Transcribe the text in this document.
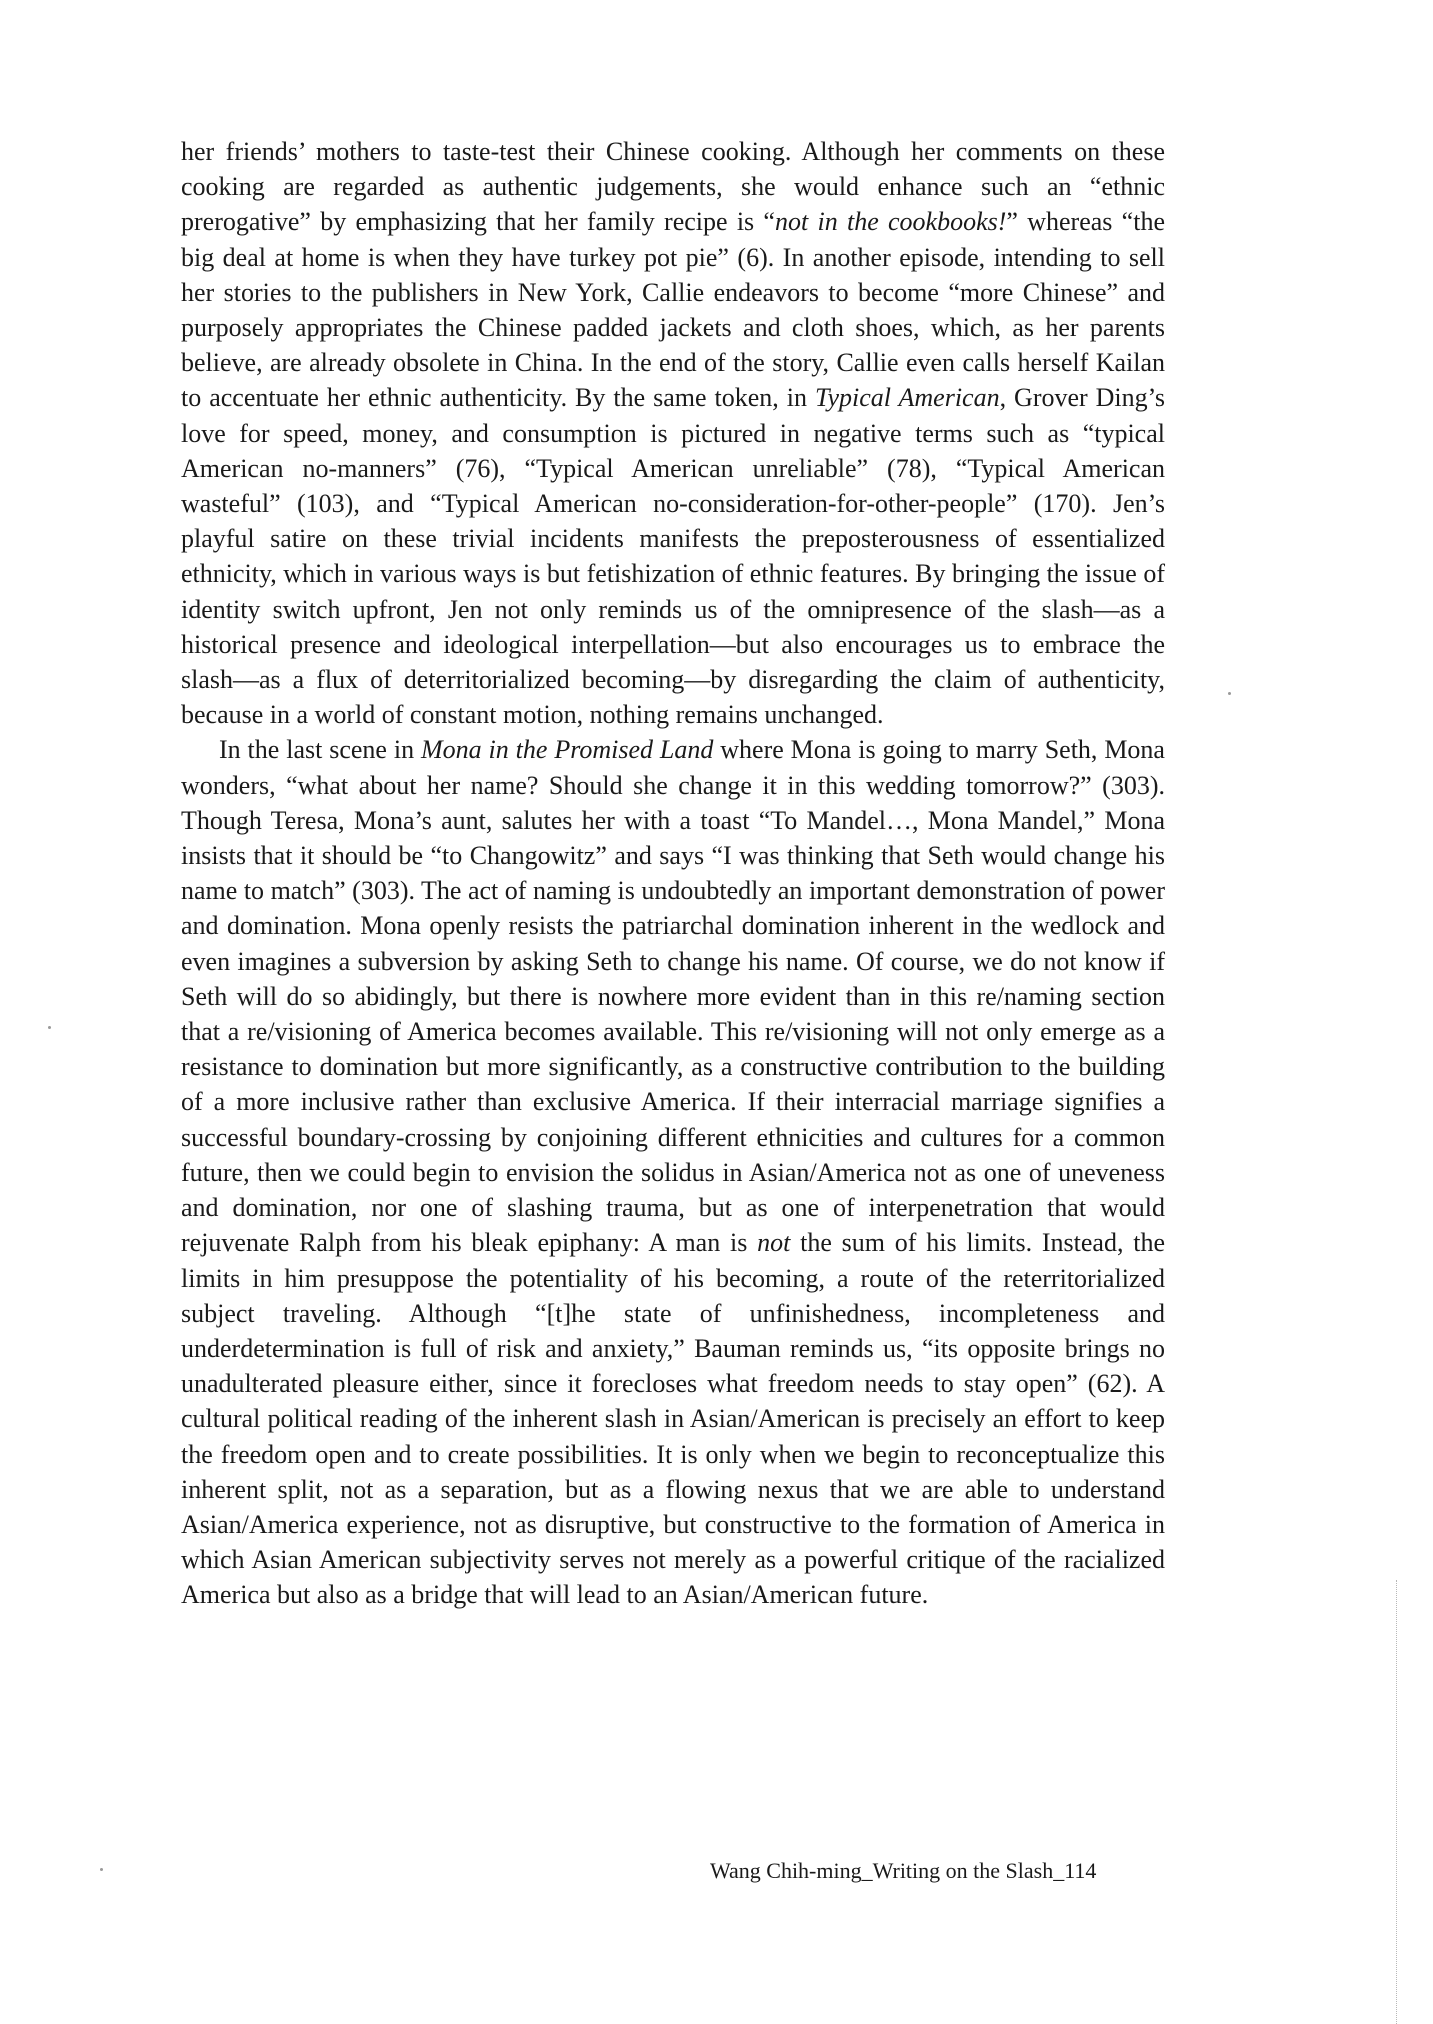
her friends’ mothers to taste-test their Chinese cooking. Although her comments on these cooking are regarded as authentic judgements, she would enhance such an “ethnic prerogative” by emphasizing that her family recipe is “not in the cookbooks!” whereas “the big deal at home is when they have turkey pot pie” (6). In another episode, intending to sell her stories to the publishers in New York, Callie endeavors to become “more Chinese” and purposely appropriates the Chinese padded jackets and cloth shoes, which, as her parents believe, are already obsolete in China. In the end of the story, Callie even calls herself Kailan to accentuate her ethnic authenticity. By the same token, in Typical American, Grover Ding’s love for speed, money, and consumption is pictured in negative terms such as “typical American no-manners” (76), “Typical American unreliable” (78), “Typical American wasteful” (103), and “Typical American no-consideration-for-other-people” (170). Jen’s playful satire on these trivial incidents manifests the preposterousness of essentialized ethnicity, which in various ways is but fetishization of ethnic features. By bringing the issue of identity switch upfront, Jen not only reminds us of the omnipresence of the slash—as a historical presence and ideological interpellation—but also encourages us to embrace the slash—as a flux of deterritorialized becoming—by disregarding the claim of authenticity, because in a world of constant motion, nothing remains unchanged.

In the last scene in Mona in the Promised Land where Mona is going to marry Seth, Mona wonders, “what about her name? Should she change it in this wedding tomorrow?” (303). Though Teresa, Mona’s aunt, salutes her with a toast “To Mandel…, Mona Mandel,” Mona insists that it should be “to Changowitz” and says “I was thinking that Seth would change his name to match” (303). The act of naming is undoubtedly an important demonstration of power and domination. Mona openly resists the patriarchal domination inherent in the wedlock and even imagines a subversion by asking Seth to change his name. Of course, we do not know if Seth will do so abidingly, but there is nowhere more evident than in this re/naming section that a re/visioning of America becomes available. This re/visioning will not only emerge as a resistance to domination but more significantly, as a constructive contribution to the building of a more inclusive rather than exclusive America. If their interracial marriage signifies a successful boundary-crossing by conjoining different ethnicities and cultures for a common future, then we could begin to envision the solidus in Asian/America not as one of uneveness and domination, nor one of slashing trauma, but as one of interpenetration that would rejuvenate Ralph from his bleak epiphany: A man is not the sum of his limits. Instead, the limits in him presuppose the potentiality of his becoming, a route of the reterritorialized subject traveling. Although “[t]he state of unfinishedness, incompleteness and underdetermination is full of risk and anxiety,” Bauman reminds us, “its opposite brings no unadulterated pleasure either, since it forecloses what freedom needs to stay open” (62). A cultural political reading of the inherent slash in Asian/American is precisely an effort to keep the freedom open and to create possibilities. It is only when we begin to reconceptualize this inherent split, not as a separation, but as a flowing nexus that we are able to understand Asian/America experience, not as disruptive, but constructive to the formation of America in which Asian American subjectivity serves not merely as a powerful critique of the racialized America but also as a bridge that will lead to an Asian/American future.

Wang Chih-ming_Writing on the Slash_114
